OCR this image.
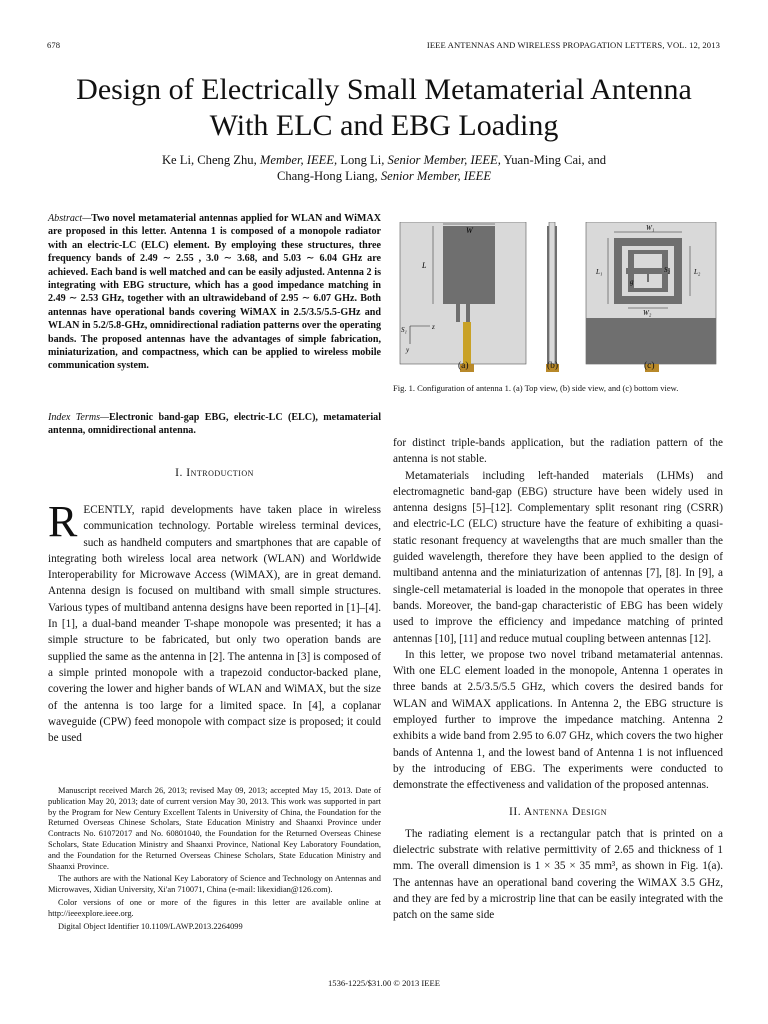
678	IEEE ANTENNAS AND WIRELESS PROPAGATION LETTERS, VOL. 12, 2013
Design of Electrically Small Metamaterial Antenna
With ELC and EBG Loading
Ke Li, Cheng Zhu, Member, IEEE, Long Li, Senior Member, IEEE, Yuan-Ming Cai, and
Chang-Hong Liang, Senior Member, IEEE
Abstract—Two novel metamaterial antennas applied for WLAN and WiMAX are proposed in this letter. Antenna 1 is composed of a monopole radiator with an electric-LC (ELC) element. By employing these structures, three frequency bands of 2.49 ∼ 2.55 , 3.0 ∼ 3.68, and 5.03 ∼ 6.04 GHz are achieved. Each band is well matched and can be easily adjusted. Antenna 2 is integrating with EBG structure, which has a good impedance matching in 2.49 ∼ 2.53 GHz, together with an ultrawideband of 2.95 ∼ 6.07 GHz. Both antennas have operational bands covering WiMAX in 2.5/3.5/5.5-GHz and WLAN in 5.2/5.8-GHz, omnidirectional radiation patterns over the operating bands. The proposed antennas have the advantages of simple fabrication, miniaturization, and compactness, which can be applied to wireless mobile communication system.
Index Terms—Electronic band-gap EBG, electric-LC (ELC), metamaterial antenna, omnidirectional antenna.
I. Introduction
RECENTLY, rapid developments have taken place in wireless communication technology. Portable wireless terminal devices, such as handheld computers and smartphones that are capable of integrating both wireless local area network (WLAN) and Worldwide Interoperability for Microwave Access (WiMAX), are in great demand. Antenna design is focused on multiband with small simple structures. Various types of multiband antenna designs have been reported in [1]–[4]. In [1], a dual-band meander T-shape monopole was presented; it has a simple structure to be fabricated, but only two operation bands are supplied the same as the antenna in [2]. The antenna in [3] is composed of a simple printed monopole with a trapezoid conductor-backed plane, covering the lower and higher bands of WLAN and WiMAX, but the size of the antenna is too large for a limited space. In [4], a coplanar waveguide (CPW) feed monopole with compact size is proposed; it could be used

Manuscript received March 26, 2013; revised May 09, 2013; accepted May 15, 2013. Date of publication May 20, 2013; date of current version May 30, 2013. This work was supported in part by the Program for New Century Excellent Talents in University of China, the Foundation for the Returned Overseas Chinese Scholars, State Education Ministry and Shaanxi Province under Contracts No. 61072017 and No. 60801040, the Foundation for the Returned Overseas Chinese Scholars, State Education Ministry and Shaanxi Province, National Key Laboratory Foundation, and the Foundation for the Returned Overseas Chinese Scholars, State Education Ministry and Shaanxi Province.

The authors are with the National Key Laboratory of Science and Technology on Antennas and Microwaves, Xidian University, Xi'an 710071, China (e-mail: likexidian@126.com).

Color versions of one or more of the figures in this letter are available online at http://ieeexplore.ieee.org.

Digital Object Identifier 10.1109/LAWP.2013.2264099

W
L
S₁	z
y
W₁
L₁	L₂
g
S₂
W₂
(a)	(b)	(c)
Fig. 1. Configuration of antenna 1. (a) Top view, (b) side view, and (c) bottom view.

for distinct triple-bands application, but the radiation pattern of the antenna is not stable.

Metamaterials including left-handed materials (LHMs) and electromagnetic band-gap (EBG) structure have been widely used in antenna designs [5]–[12]. Complementary split resonant ring (CSRR) and electric-LC (ELC) structure have the feature of exhibiting a quasi-static resonant frequency at wavelengths that are much smaller than the guided wavelength, therefore they have been applied to the design of multiband antenna and the miniaturization of antennas [7], [8]. In [9], a single-cell metamaterial is loaded in the monopole that operates in three bands. Moreover, the band-gap characteristic of EBG has been widely used to improve the efficiency and impedance matching of printed antennas [10], [11] and reduce mutual coupling between antennas [12].

In this letter, we propose two novel triband metamaterial antennas. With one ELC element loaded in the monopole, Antenna 1 operates in three bands at 2.5/3.5/5.5 GHz, which covers the desired bands for WLAN and WiMAX applications. In Antenna 2, the EBG structure is employed further to improve the impedance matching. Antenna 2 exhibits a wide band from 2.95 to 6.07 GHz, which covers the two higher bands of Antenna 1, and the lowest band of Antenna 1 is not influenced by the introducing of EBG. The experiments were conducted to demonstrate the effectiveness and validation of the proposed antennas.

II. Antenna Design

The radiating element is a rectangular patch that is printed on a dielectric substrate with relative permittivity of 2.65 and thickness of 1 mm. The overall dimension is 1 × 35 × 35 mm³, as shown in Fig. 1(a). The antennas have an operational band covering the WiMAX 3.5 GHz, and they are fed by a microstrip line that can be easily integrated with the patch on the same side

1536-1225/$31.00 © 2013 IEEE
